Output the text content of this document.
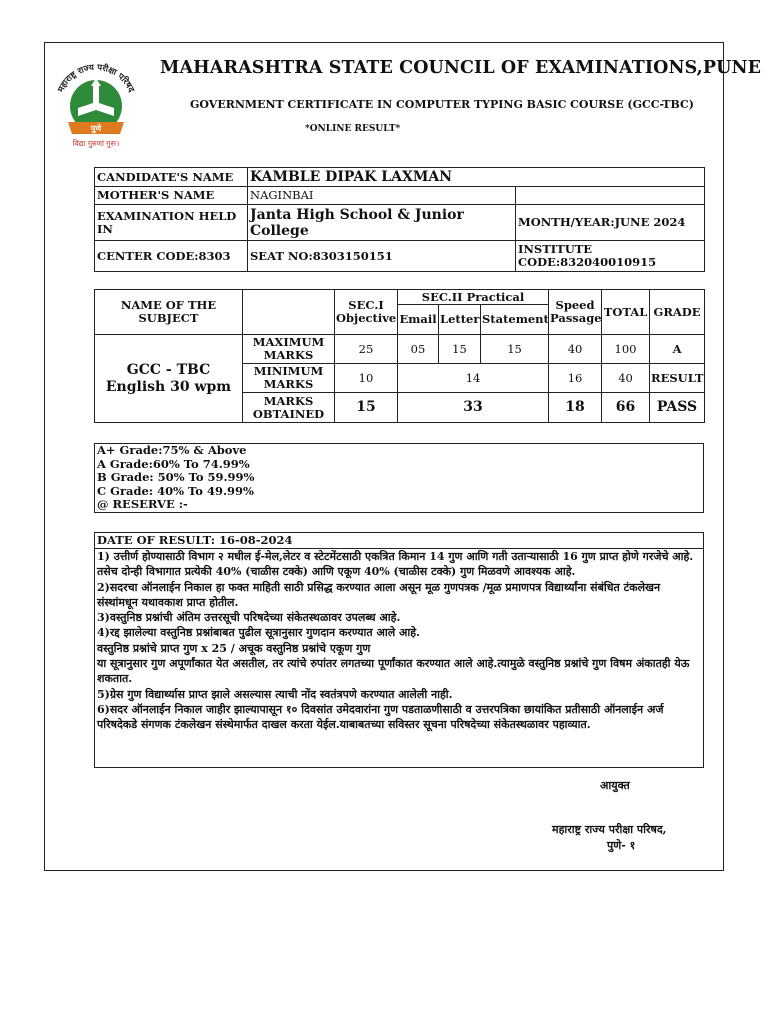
महाराष्ट्र राज्य परीक्षा परिषद
पुणे
विद्या गुरुणां गुरुः।
MAHARASHTRA STATE COUNCIL OF EXAMINATIONS,PUNE
GOVERNMENT CERTIFICATE IN COMPUTER TYPING BASIC COURSE (GCC-TBC)
*ONLINE RESULT*
CANDIDATE'S NAME	KAMBLE DIPAK LAXMAN	
MOTHER'S NAME	NAGINBAI	
EXAMINATION HELD IN	Janta High School & Junior College	MONTH/YEAR:JUNE 2024
CENTER CODE:8303	SEAT NO:8303150151	INSTITUTE CODE:832040010915
NAME OF THE SUBJECT		SEC.I Objective	SEC.II Practical			Speed Passage	TOTAL	GRADE
			Email	Letter	Statement			
GCC - TBC English 30 wpm	MAXIMUM MARKS	25	05	15	15	40	100	A
	MINIMUM MARKS	10	14			16	40	RESULT
	MARKS OBTAINED	15	33			18	66	PASS
A+ Grade:75% & Above
A Grade:60% To 74.99%
B Grade: 50% To 59.99%
C Grade: 40% To 49.99%
@ RESERVE :-
DATE OF RESULT: 16-08-2024
1) उत्तीर्ण होण्यासाठी विभाग २ मधील ई-मेल,लेटर व स्टेटमेंटसाठी एकत्रित किमान 14 गुण आणि गती उताऱ्यासाठी 16 गुण प्राप्त होणे गरजेचे आहे. तसेच दोन्ही विभागात प्रत्येकी 40% (चाळीस टक्के) आणि एकूण 40% (चाळीस टक्के) गुण मिळवणे आवश्यक आहे.
2)सदरचा ऑनलाईन निकाल हा फक्त माहिती साठी प्रसिद्ध करण्यात आला असून मूळ गुणपत्रक /मूळ प्रमाणपत्र विद्यार्थ्यांना संबंधित टंकलेखन संस्थांमधून यथावकाश प्राप्त होतील.
3)वस्तुनिष्ठ प्रश्नांची अंतिम उत्तरसूची परिषदेच्या संकेतस्थळावर उपलब्ध आहे.
4)रद्द झालेल्या वस्तुनिष्ठ प्रश्नांबाबत पुढील सूत्रानुसार गुणदान करण्यात आले आहे.
वस्तुनिष्ठ प्रश्नांचे प्राप्त गुण x 25 / अचूक वस्तुनिष्ठ प्रश्नांचे एकूण गुण
या सूत्रानुसार गुण अपूर्णांकात येत असतील, तर त्यांचे रुपांतर लगतच्या पूर्णांकात करण्यात आले आहे.त्यामुळे वस्तुनिष्ठ प्रश्नांचे गुण विषम अंकातही येऊ शकतात.
5)ग्रेस गुण विद्यार्थ्यास प्राप्त झाले असल्यास त्याची नोंद स्वतंत्रपणे करण्यात आलेली नाही.
6)सदर ऑनलाईन निकाल जाहीर झाल्यापासून १० दिवसांत उमेदवारांना गुण पडताळणीसाठी व उत्तरपत्रिका छायांकित प्रतीसाठी ऑनलाईन अर्ज परिषदेकडे संगणक टंकलेखन संस्थेमार्फत दाखल करता येईल.याबाबतच्या सविस्तर सूचना परिषदेच्या संकेतस्थळावर पहाव्यात.
आयुक्त
महाराष्ट्र राज्य परीक्षा परिषद,
पुणे- १
